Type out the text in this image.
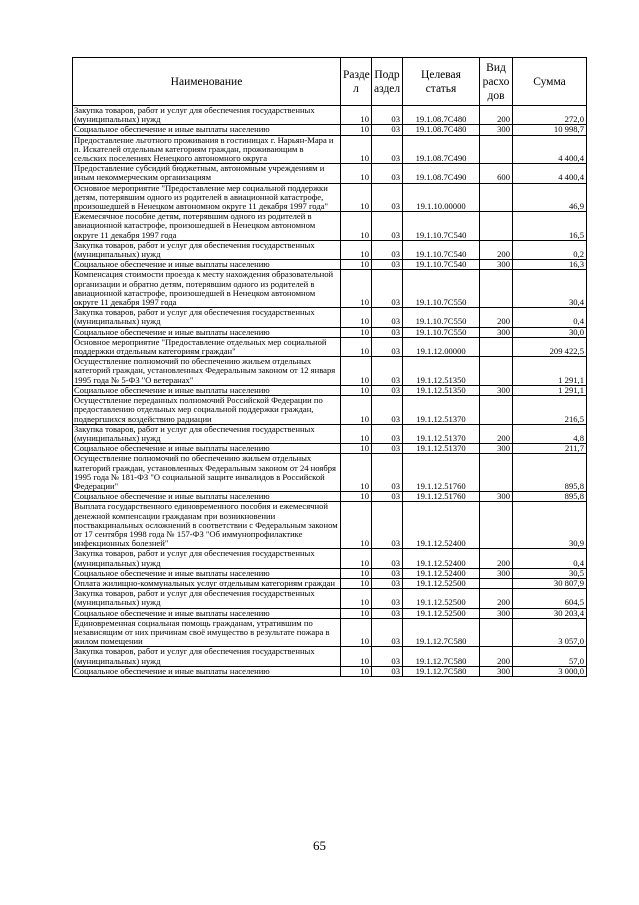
Наименование	Разде л	Подр аздел	Целевая статья	Вид расхо дов	Сумма
Закупка товаров, работ и услуг для обеспечения государственных (муниципальных) нужд	10	03	19.1.08.7С480	200	272,0
Социальное обеспечение и иные выплаты населению	10	03	19.1.08.7С480	300	10 998,7
Предоставление льготного проживания в гостиницах г. Нарьян-Мара и п. Искателей отдельным категориям граждан, проживающим в сельских поселениях Ненецкого автономного округа	10	03	19.1.08.7С490		4 400,4
Предоставление субсидий бюджетным, автономным учреждениям и иным некоммерческим организациям	10	03	19.1.08.7С490	600	4 400,4
Основное мероприятие "Предоставление мер социальной поддержки детям, потерявшим одного из родителей в авиационной катастрофе, произошедшей в Ненецком автономном округе 11 декабря 1997 года"	10	03	19.1.10.00000		46,9
Ежемесячное пособие детям, потерявшим одного из родителей в авиационной катастрофе, произошедшей в Ненецком автономном округе 11 декабря 1997 года	10	03	19.1.10.7С540		16,5
Закупка товаров, работ и услуг для обеспечения государственных (муниципальных) нужд	10	03	19.1.10.7С540	200	0,2
Социальное обеспечение и иные выплаты населению	10	03	19.1.10.7С540	300	16,3
Компенсация стоимости проезда к месту нахождения образовательной организации и обратно детям, потерявшим одного из родителей в авиационной катастрофе, произошедшей в Ненецком автономном округе 11 декабря 1997 года	10	03	19.1.10.7С550		30,4
Закупка товаров, работ и услуг для обеспечения государственных (муниципальных) нужд	10	03	19.1.10.7С550	200	0,4
Социальное обеспечение и иные выплаты населению	10	03	19.1.10.7С550	300	30,0
Основное мероприятие "Предоставление отдельных мер социальной поддержки отдельным категориям граждан"	10	03	19.1.12.00000		209 422,5
Осуществление полномочий по обеспечению жильем отдельных категорий граждан, установленных Федеральным законом от 12 января 1995 года № 5-ФЗ "О ветеранах"	10	03	19.1.12.51350		1 291,1
Социальное обеспечение и иные выплаты населению	10	03	19.1.12.51350	300	1 291,1
Осуществление переданных полномочий Российской Федерации по предоставлению отдельных мер социальной поддержки граждан, подвергшихся воздействию радиации	10	03	19.1.12.51370		216,5
Закупка товаров, работ и услуг для обеспечения государственных (муниципальных) нужд	10	03	19.1.12.51370	200	4,8
Социальное обеспечение и иные выплаты населению	10	03	19.1.12.51370	300	211,7
Осуществление полномочий по обеспечению жильем отдельных категорий граждан, установленных Федеральным законом от 24 ноября 1995 года № 181-ФЗ "О социальной защите инвалидов в Российской Федерации"	10	03	19.1.12.51760		895,8
Социальное обеспечение и иные выплаты населению	10	03	19.1.12.51760	300	895,8
Выплата государственного единовременного пособия и ежемесячной денежной компенсации гражданам при возникновении поствакцинальных осложнений в соответствии с Федеральным законом от 17 сентября 1998 года № 157-ФЗ "Об иммунопрофилактике инфекционных болезней"	10	03	19.1.12.52400		30,9
Закупка товаров, работ и услуг для обеспечения государственных (муниципальных) нужд	10	03	19.1.12.52400	200	0,4
Социальное обеспечение и иные выплаты населению	10	03	19.1.12.52400	300	30,5
Оплата жилищно-коммунальных услуг отдельным категориям граждан	10	03	19.1.12.52500		30 807,9
Закупка товаров, работ и услуг для обеспечения государственных (муниципальных) нужд	10	03	19.1.12.52500	200	604,5
Социальное обеспечение и иные выплаты населению	10	03	19.1.12.52500	300	30 203,4
Единовременная социальная помощь гражданам, утратившим по независящим от них причинам своё имущество в результате пожара в жилом помещении	10	03	19.1.12.7С580		3 057,0
Закупка товаров, работ и услуг для обеспечения государственных (муниципальных) нужд	10	03	19.1.12.7С580	200	57,0
Социальное обеспечение и иные выплаты населению	10	03	19.1.12.7С580	300	3 000,0
65
